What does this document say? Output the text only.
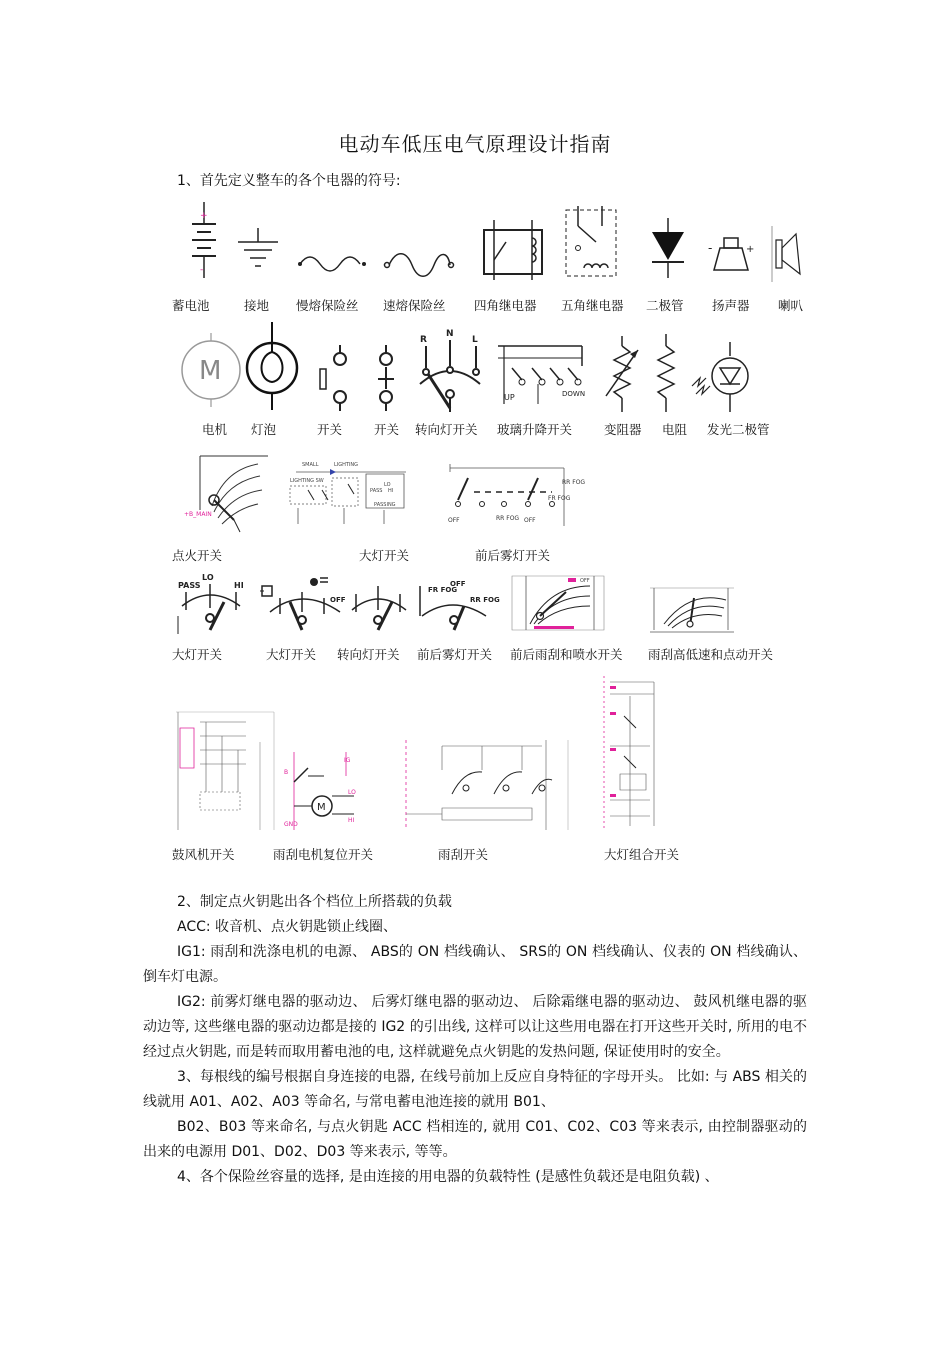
电动车低压电气原理设计指南
1、首先定义整车的各个电器的符号:
+
-
-	+
蓄电池	接地 慢熔保险丝 速熔保险丝 四角继电器 五角继电器 二极管 扬声器 喇叭
M
R
N
L
UP	DOWN
电机 灯泡	开关	开关 转向灯开关 玻璃升降开关	变阻器 电阻 发光二极管
+B_MAIN
SMALL	LIGHTING
LIGHTING SW
PASS
LO
HI
PASSING
OFF	RR FOG OFF
FR FOG
RR FOG
点火开关	大灯开关	前后雾灯开关
PASS
LO
HI
OFF
FR FOG
OFF
RR FOG
OFF
大灯开关	大灯开关 转向灯开关 前后雾灯开关 前后雨刮和喷水开关 雨刮高低速和点动开关
M
LO
HI
IG
GND
B
鼓风机开关	雨刮电机复位开关	雨刮开关	大灯组合开关

2、制定点火钥匙出各个档位上所搭载的负载

ACC: 收音机、点火钥匙锁止线圈、

IG1: 雨刮和洗涤电机的电源、 ABS的 ON 档线确认、 SRS的 ON 档线确认、仪表的 ON 档线确认、倒车灯电源。

IG2: 前雾灯继电器的驱动边、 后雾灯继电器的驱动边、 后除霜继电器的驱动边、 鼓风机继电器的驱动边等, 这些继电器的驱动边都是接的 IG2 的引出线, 这样可以让这些用电器在打开这些开关时, 所用的电不经过点火钥匙, 而是转而取用蓄电池的电, 这样就避免点火钥匙的发热问题, 保证使用时的安全。

3、每根线的编号根据自身连接的电器, 在线号前加上反应自身特征的字母开头。 比如: 与 ABS 相关的线就用 A01、A02、A03 等命名, 与常电蓄电池连接的就用 B01、

B02、B03 等来命名, 与点火钥匙 ACC 档相连的, 就用 C01、C02、C03 等来表示, 由控制器驱动的出来的电源用 D01、D02、D03 等来表示, 等等。

4、各个保险丝容量的选择, 是由连接的用电器的负载特性 (是感性负载还是电阻负载) 、
